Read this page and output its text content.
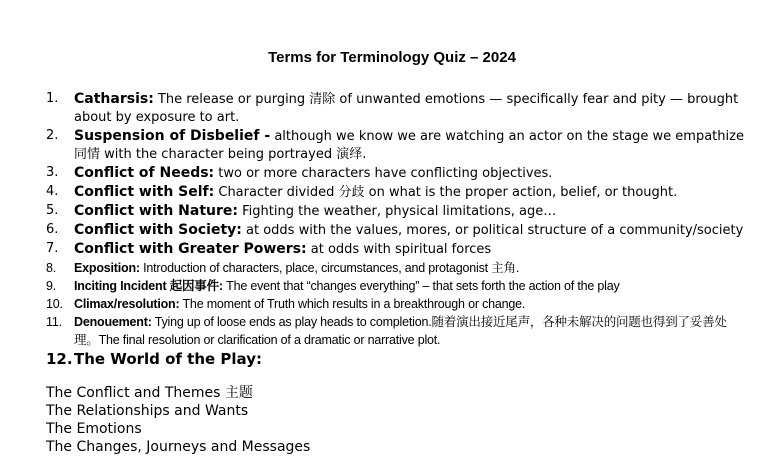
Terms for Terminology Quiz – 2024
1.	Catharsis: The release or purging 清除 of unwanted emotions — specifically fear and pity — brought about by exposure to art.
2.	Suspension of Disbelief - although we know we are watching an actor on the stage we empathize 同情 with the character being portrayed 演绎.
3.	Conflict of Needs: two or more characters have conflicting objectives.
4.	Conflict with Self: Character divided 分歧 on what is the proper action, belief, or thought.
5.	Conflict with Nature: Fighting the weather, physical limitations, age…
6.	Conflict with Society: at odds with the values, mores, or political structure of a community/society
7.	Conflict with Greater Powers: at odds with spiritual forces
8.	Exposition: Introduction of characters, place, circumstances, and protagonist 主角.
9.	Inciting Incident 起因事件: The event that “changes everything” – that sets forth the action of the play
10. Climax/resolution: The moment of Truth which results in a breakthrough or change.
11. Denouement: Tying up of loose ends as play heads to completion.随着演出接近尾声，各种未解决的问题也得到了妥善处理。The final resolution or clarification of a dramatic or narrative plot.
12. The World of the Play:
The Conflict and Themes 主题
The Relationships and Wants
The Emotions
The Changes, Journeys and Messages
